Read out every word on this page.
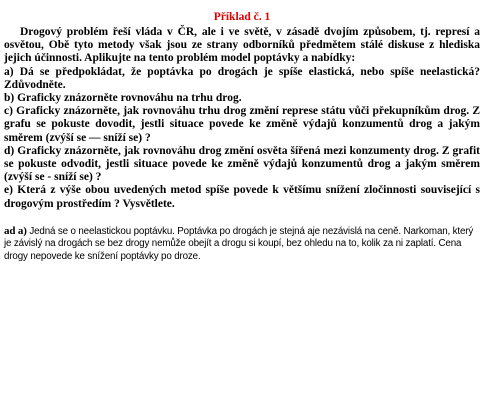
Příklad č. 1
Drogový problém řeší vláda v ČR, ale i ve světě, v zásadě dvojím způsobem, tj. represí a osvětou, Obě tyto metody však jsou ze strany odborníků předmětem stálé diskuse z hlediska jejich účinnosti. Aplikujte na tento problém model poptávky a nabídky:
a) Dá se předpokládat, že poptávka po drogách je spíše elastická, nebo spíše neelastická? Zdůvodněte.
b) Graficky znázorněte rovnováhu na trhu drog.
c) Graficky znázorněte, jak rovnováhu trhu drog změní represe státu vůči překupníkům drog. Z grafu se pokuste dovodit, jestli situace povede ke změně výdajů konzumentů drog a jakým směrem (zvýší se — sníží se) ?
d) Graficky znázorněte, jak rovnováhu drog změní osvěta šířená mezi konzumenty drog. Z grafit se pokuste odvodit, jestli situace povede ke změně výdajů konzumentů drog a jakým směrem (zvýší se - sníží se) ?
e) Která z výše obou uvedených metod spíše povede k většímu snížení zločinnosti související s drogovým prostředím ? Vysvětlete.
ad a) Jedná se o neelastickou poptávku. Poptávka po drogách je stejná aje nezávislá na ceně. Narkoman, který je závislý na drogách se bez drogy nemůže obejít a drogu si koupí, bez ohledu na to, kolik za ni zaplatí. Cena drogy nepovede ke snížení poptávky po droze.
